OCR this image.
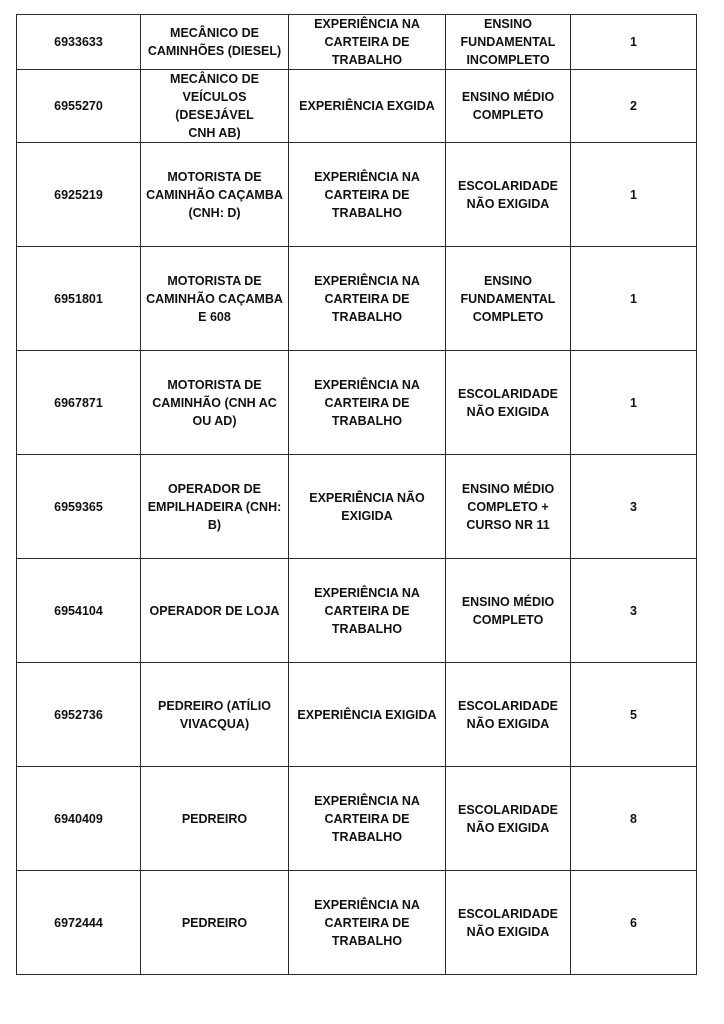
6933633	MECÂNICO DE
CAMINHÕES (DIESEL)	EXPERIÊNCIA NA
CARTEIRA DE TRABALHO	ENSINO
FUNDAMENTAL
INCOMPLETO	1
6955270	MECÂNICO DE
VEÍCULOS (DESEJÁVEL
CNH AB)	EXPERIÊNCIA EXGIDA	ENSINO MÉDIO
COMPLETO	2
6925219	MOTORISTA DE
CAMINHÃO CAÇAMBA
(CNH: D)	EXPERIÊNCIA NA
CARTEIRA DE TRABALHO	ESCOLARIDADE
NÃO EXIGIDA	1
6951801	MOTORISTA DE
CAMINHÃO CAÇAMBA
E 608	EXPERIÊNCIA NA
CARTEIRA DE TRABALHO	ENSINO
FUNDAMENTAL
COMPLETO	1
6967871	MOTORISTA DE
CAMINHÃO (CNH AC
OU AD)	EXPERIÊNCIA NA
CARTEIRA DE TRABALHO	ESCOLARIDADE
NÃO EXIGIDA	1
6959365	OPERADOR DE
EMPILHADEIRA (CNH:
B)	EXPERIÊNCIA NÃO
EXIGIDA	ENSINO MÉDIO
COMPLETO +
CURSO NR 11	3
6954104	OPERADOR DE LOJA	EXPERIÊNCIA NA
CARTEIRA DE TRABALHO	ENSINO MÉDIO
COMPLETO	3
6952736	PEDREIRO (ATÍLIO
VIVACQUA)	EXPERIÊNCIA EXIGIDA	ESCOLARIDADE
NÃO EXIGIDA	5
6940409	PEDREIRO	EXPERIÊNCIA NA
CARTEIRA DE TRABALHO	ESCOLARIDADE
NÃO EXIGIDA	8
6972444	PEDREIRO	EXPERIÊNCIA NA
CARTEIRA DE TRABALHO	ESCOLARIDADE
NÃO EXIGIDA	6
